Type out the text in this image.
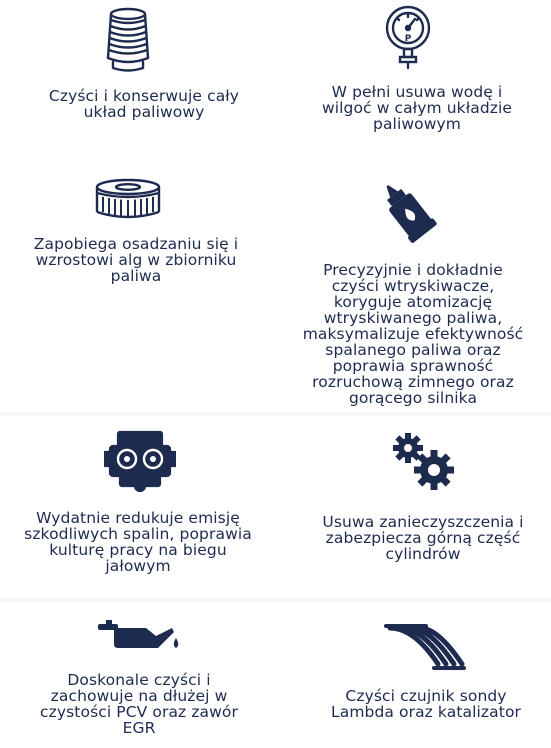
Czyści i konserwuje cały
układ paliwowy
P
W pełni usuwa wodę i
wilgoć w całym układzie
paliwowym
Zapobiega osadzaniu się i
wzrostowi alg w zbiorniku
paliwa	Precyzyjnie i dokładnie
czyści wtryskiwacze,
koryguje atomizację
wtryskiwanego paliwa,
maksymalizuje efektywność
spalanego paliwa oraz
poprawia sprawność
rozruchową zimnego oraz
gorącego silnika
Wydatnie redukuje emisję
szkodliwych spalin, poprawia
kulturę pracy na biegu
jałowym
Usuwa zanieczyszczenia i
zabezpiecza górną część
cylindrów
Doskonale czyści i
zachowuje na dłużej w
czystości PCV oraz zawór
EGR
Czyści czujnik sondy
Lambda oraz katalizator
